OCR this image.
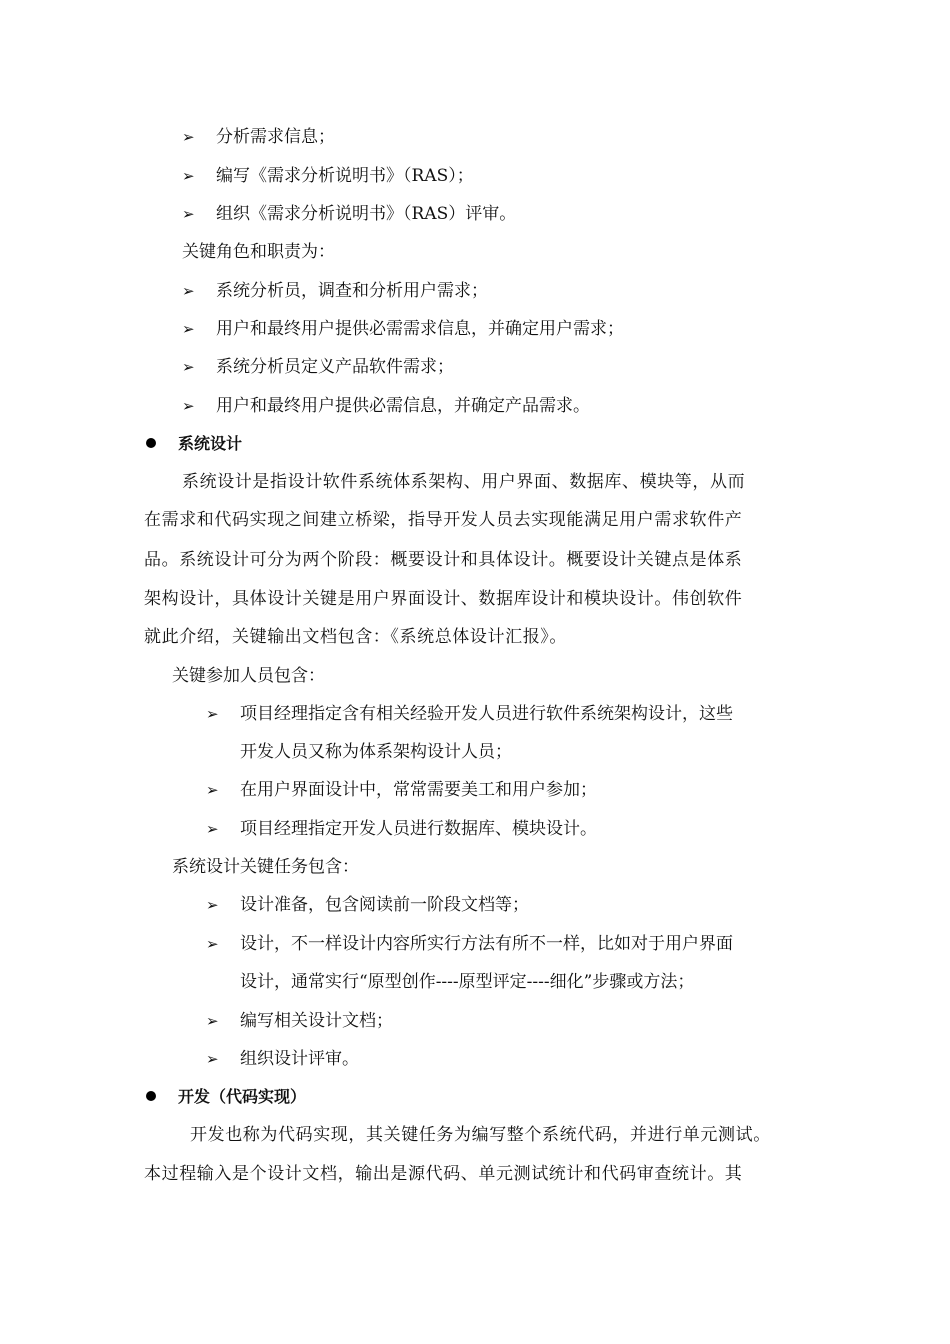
➢ 分析需求信息；
➢ 编写《需求分析说明书》（RAS）；
➢ 组织《需求分析说明书》（RAS）评审。
关键角色和职责为：
➢ 系统分析员，调查和分析用户需求；
➢ 用户和最终用户提供必需需求信息，并确定用户需求；
➢ 系统分析员定义产品软件需求；
➢ 用户和最终用户提供必需信息，并确定产品需求。
系统设计
系统设计是指设计软件系统体系架构、用户界面、数据库、模块等，从而
在需求和代码实现之间建立桥梁，指导开发人员去实现能满足用户需求软件产
品。系统设计可分为两个阶段：概要设计和具体设计。概要设计关键点是体系
架构设计，具体设计关键是用户界面设计、数据库设计和模块设计。伟创软件
就此介绍，关键输出文档包含：《系统总体设计汇报》。
关键参加人员包含：
➢ 项目经理指定含有相关经验开发人员进行软件系统架构设计，这些
开发人员又称为体系架构设计人员；
➢ 在用户界面设计中，常常需要美工和用户参加；
➢ 项目经理指定开发人员进行数据库、模块设计。
系统设计关键任务包含：
➢ 设计准备，包含阅读前一阶段文档等；
➢ 设计，不一样设计内容所实行方法有所不一样，比如对于用户界面
设计，通常实行“原型创作----原型评定----细化”步骤或方法；
➢ 编写相关设计文档；
➢ 组织设计评审。
开发（代码实现）
开发也称为代码实现，其关键任务为编写整个系统代码，并进行单元测试。
本过程输入是个设计文档，输出是源代码、单元测试统计和代码审查统计。其
